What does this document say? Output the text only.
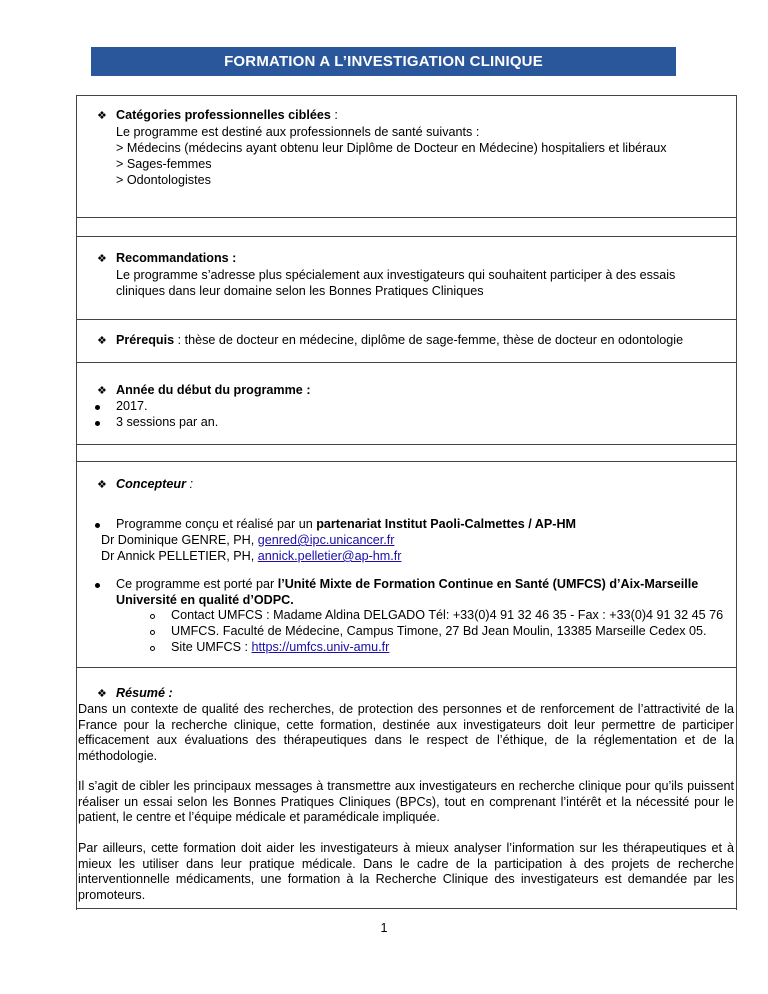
FORMATION A L’INVESTIGATION CLINIQUE
❖ Catégories professionnelles ciblées :
Le programme est destiné aux professionnels de santé suivants :
> Médecins (médecins ayant obtenu leur Diplôme de Docteur en Médecine) hospitaliers et libéraux
> Sages-femmes
> Odontologistes
❖ Recommandations :
Le programme s’adresse plus spécialement aux investigateurs qui souhaitent participer à des essais
cliniques dans leur domaine selon les Bonnes Pratiques Cliniques
❖ Prérequis : thèse de docteur en médecine, diplôme de sage-femme, thèse de docteur en odontologie
❖ Année du début du programme :
2017.
3 sessions par an.
❖ Concepteur :
Programme conçu et réalisé par un partenariat Institut Paoli-Calmettes / AP-HM
Dr Dominique GENRE, PH, genred@ipc.unicancer.fr
Dr Annick PELLETIER, PH, annick.pelletier@ap-hm.fr
Ce programme est porté par l’Unité Mixte de Formation Continue en Santé (UMFCS) d’Aix-Marseille
Université en qualité d’ODPC.
Contact UMFCS : Madame Aldina DELGADO Tél: +33(0)4 91 32 46 35 - Fax : +33(0)4 91 32 45 76
UMFCS. Faculté de Médecine, Campus Timone, 27 Bd Jean Moulin, 13385 Marseille Cedex 05.
Site UMFCS : https://umfcs.univ-amu.fr
❖ Résumé :
Dans un contexte de qualité des recherches, de protection des personnes et de renforcement de l’attractivité de la France pour la recherche clinique, cette formation, destinée aux investigateurs doit leur permettre de participer efficacement aux évaluations des thérapeutiques dans le respect de l’éthique, de la réglementation et de la méthodologie.
Il s’agit de cibler les principaux messages à transmettre aux investigateurs en recherche clinique pour qu’ils puissent réaliser un essai selon les Bonnes Pratiques Cliniques (BPCs), tout en comprenant l’intérêt et la nécessité pour le patient, le centre et l’équipe médicale et paramédicale impliquée.
Par ailleurs, cette formation doit aider les investigateurs à mieux analyser l’information sur les thérapeutiques et à mieux les utiliser dans leur pratique médicale. Dans le cadre de la participation à des projets de recherche interventionnelle médicaments, une formation à la Recherche Clinique des investigateurs est demandée par les promoteurs.
1
